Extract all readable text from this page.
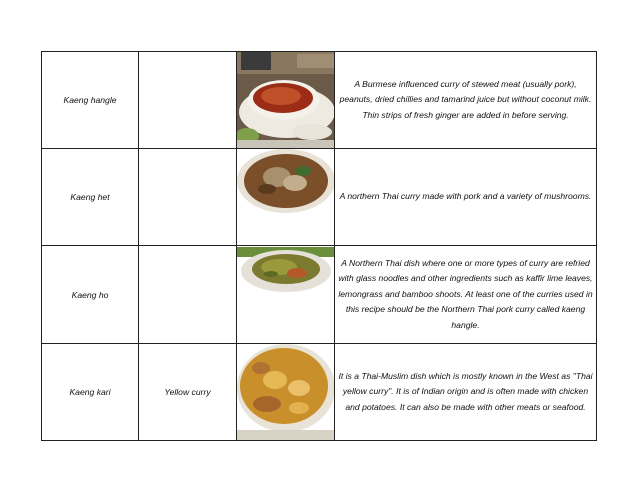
Kaeng hangle			A Burmese influenced curry of stewed meat (usually pork), peanuts, dried chillies and tamarind juice but without coconut milk. Thin strips of fresh ginger are added in before serving.
Kaeng het			A northern Thai curry made with pork and a variety of mushrooms.
Kaeng ho			A Northern Thai dish where one or more types of curry are refried with glass noodles and other ingredients such as kaffir lime leaves, lemongrass and bamboo shoots. At least one of the curries used in this recipe should be the Northern Thai pork curry called kaeng hangle.
Kaeng kari	Yellow curry		It is a Thai-Muslim dish which is mostly known in the West as "Thai yellow curry". It is of Indian origin and is often made with chicken and potatoes. It can also be made with other meats or seafood.
